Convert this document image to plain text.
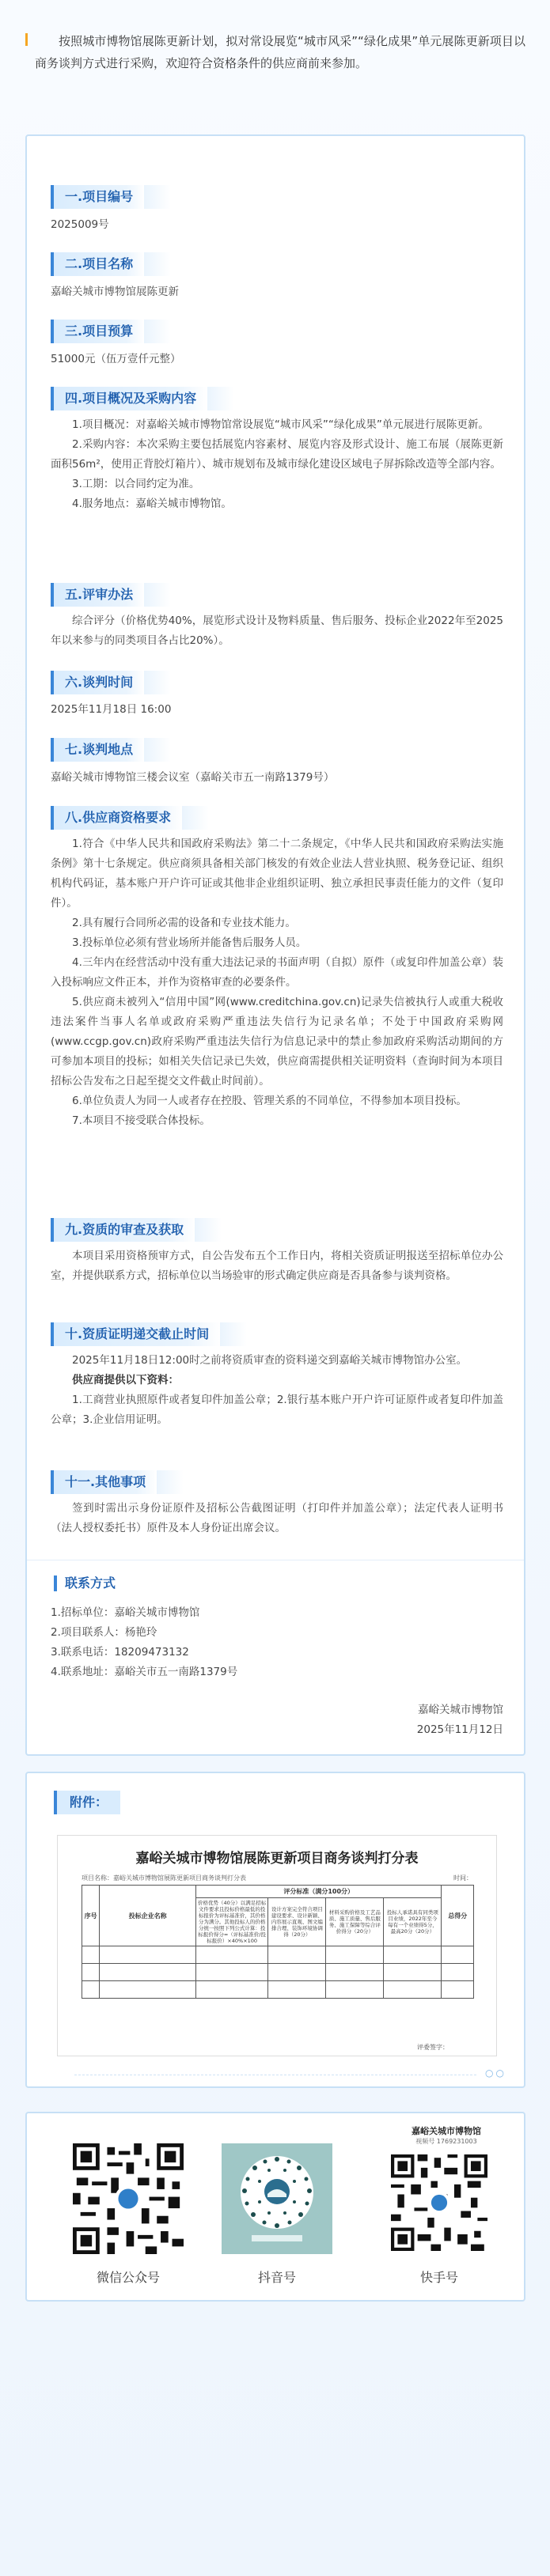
按照城市博物馆展陈更新计划，拟对常设展览“城市风采”“绿化成果”单元展陈更新项目以商务谈判方式进行采购，欢迎符合资格条件的供应商前来参加。

一.项目编号

2025009号

二.项目名称

嘉峪关城市博物馆展陈更新

三.项目预算

51000元（伍万壹仟元整）

四.项目概况及采购内容

1.项目概况：对嘉峪关城市博物馆常设展览“城市风采”“绿化成果”单元展进行展陈更新。

2.采购内容：本次采购主要包括展览内容素材、展览内容及形式设计、施工布展（展陈更新面积56m²，使用正背胶灯箱片）、城市规划布及城市绿化建设区域电子屏拆除改造等全部内容。

3.工期：以合同约定为准。

4.服务地点：嘉峪关城市博物馆。

五.评审办法

综合评分（价格优势40%，展览形式设计及物料质量、售后服务、投标企业2022年至2025年以来参与的同类项目各占比20%）。

六.谈判时间

2025年11月18日 16:00

七.谈判地点

嘉峪关城市博物馆三楼会议室（嘉峪关市五一南路1379号）

八.供应商资格要求

1.符合《中华人民共和国政府采购法》第二十二条规定，《中华人民共和国政府采购法实施条例》第十七条规定。供应商须具备相关部门核发的有效企业法人营业执照、税务登记证、组织机构代码证，基本账户开户许可证或其他非企业组织证明、独立承担民事责任能力的文件（复印件）。

2.具有履行合同所必需的设备和专业技术能力。

3.投标单位必须有营业场所并能备售后服务人员。

4.三年内在经营活动中没有重大违法记录的书面声明（自拟）原件（或复印件加盖公章）装入投标响应文件正本，并作为资格审查的必要条件。

5.供应商未被列入“信用中国”网(www.creditchina.gov.cn)记录失信被执行人或重大税收违法案件当事人名单或政府采购严重违法失信行为记录名单；不处于中国政府采购网(www.ccgp.gov.cn)政府采购严重违法失信行为信息记录中的禁止参加政府采购活动期间的方可参加本项目的投标；如相关失信记录已失效，供应商需提供相关证明资料（查询时间为本项目招标公告发布之日起至提交文件截止时间前）。

6.单位负责人为同一人或者存在控股、管理关系的不同单位，不得参加本项目投标。

7.本项目不接受联合体投标。

九.资质的审查及获取

本项目采用资格预审方式，自公告发布五个工作日内，将相关资质证明报送至招标单位办公室，并提供联系方式，招标单位以当场验审的形式确定供应商是否具备参与谈判资格。

十.资质证明递交截止时间

2025年11月18日12:00时之前将资质审查的资料递交到嘉峪关城市博物馆办公室。

供应商提供以下资料：

1.工商营业执照原件或者复印件加盖公章；2.银行基本账户开户许可证原件或者复印件加盖公章；3.企业信用证明。

十一.其他事项

签到时需出示身份证原件及招标公告截图证明（打印件并加盖公章）；法定代表人证明书（法人授权委托书）原件及本人身份证出席会议。

联系方式

1.招标单位：嘉峪关城市博物馆

2.项目联系人：杨艳玲

3.联系电话：18209473132

4.联系地址：嘉峪关市五一南路1379号

嘉峪关城市博物馆

2025年11月12日

附件：
嘉峪关城市博物馆展陈更新项目商务谈判打分表
项目名称：嘉峪关城市博物馆展陈更新项目商务谈判打分表	时间：
序号	投标企业名称	评分标准（满分100分）				总得分
		价格优势（40分）以满足招标文件要求且投标价格最低的投标报价为评标基准价，其价格分为满分。其他投标人的价格分统一按照下列公式计算：投标报价得分=（评标基准价/投标报价）×40%×100	设计方案完全符合项目建设要求、设计新颖、内容展示直观、图文编排合理、装饰环境协调得（20分）	材料采购价格及工艺品质、施工质量、售后服务、施工保障等综合评价得分（20分）	投标人承诺具有同类项目业绩，2022年至今每有一个业绩得5分，最高20分（20分）	

评委签字：
○○
微信公众号	抖音号
嘉峪关城市博物馆
视频号 1769231003
快手号
